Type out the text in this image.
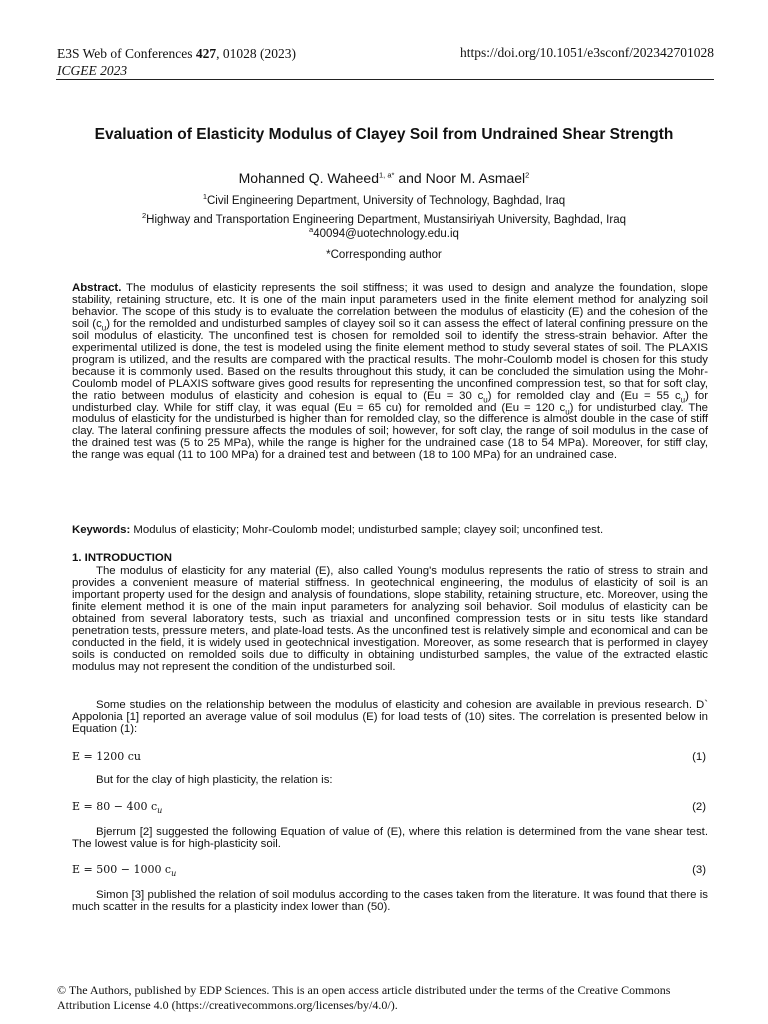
E3S Web of Conferences 427, 01028 (2023)
ICGEE 2023
https://doi.org/10.1051/e3sconf/202342701028
Evaluation of Elasticity Modulus of Clayey Soil from Undrained Shear Strength
Mohanned Q. Waheed$^{1, a*}$ and Noor M. Asmael$^2$
$^1$Civil Engineering Department, University of Technology, Baghdad, Iraq
$^2$Highway and Transportation Engineering Department, Mustansiriyah University, Baghdad, Iraq
$^a$40094@uotechnology.edu.iq
*Corresponding author

Abstract. The modulus of elasticity represents the soil stiffness; it was used to design and analyze the foundation, slope stability, retaining structure, etc. It is one of the main input parameters used in the finite element method for analyzing soil behavior. The scope of this study is to evaluate the correlation between the modulus of elasticity (E) and the cohesion of the soil $(c_u)$ for the remolded and undisturbed samples of clayey soil so it can assess the effect of lateral confining pressure on the soil modulus of elasticity. The unconfined test is chosen for remolded soil to identify the stress-strain behavior. After the experimental utilized is done, the test is modeled using the finite element method to study several states of soil. The PLAXIS program is utilized, and the results are compared with the practical results. The mohr-Coulomb model is chosen for this study because it is commonly used. Based on the results throughout this study, it can be concluded the simulation using the Mohr-Coulomb model of PLAXIS software gives good results for representing the unconfined compression test, so that for soft clay, the ratio between modulus of elasticity and cohesion is equal to (Eu = 30 $c_u$) for remolded clay and (Eu = 55 $c_u$) for undisturbed clay. While for stiff clay, it was equal (Eu = 65 cu) for remolded and (Eu = 120 $c_u$) for undisturbed clay. The modulus of elasticity for the undisturbed is higher than for remolded clay, so the difference is almost double in the case of stiff clay. The lateral confining pressure affects the modules of soil; however, for soft clay, the range of soil modulus in the case of the drained test was (5 to 25 MPa), while the range is higher for the undrained case (18 to 54 MPa). Moreover, for stiff clay, the range was equal (11 to 100 MPa) for a drained test and between (18 to 100 MPa) for an undrained case.

Keywords: Modulus of elasticity; Mohr-Coulomb model; undisturbed sample; clayey soil; unconfined test.

1. INTRODUCTION

The modulus of elasticity for any material (E), also called Young's modulus represents the ratio of stress to strain and provides a convenient measure of material stiffness. In geotechnical engineering, the modulus of elasticity of soil is an important property used for the design and analysis of foundations, slope stability, retaining structure, etc. Moreover, using the finite element method it is one of the main input parameters for analyzing soil behavior. Soil modulus of elasticity can be obtained from several laboratory tests, such as triaxial and unconfined compression tests or in situ tests like standard penetration tests, pressure meters, and plate-load tests. As the unconfined test is relatively simple and economical and can be conducted in the field, it is widely used in geotechnical investigation. Moreover, as some research that is performed in clayey soils is conducted on remolded soils due to difficulty in obtaining undisturbed samples, the value of the extracted elastic modulus may not represent the condition of the undisturbed soil.

Some studies on the relationship between the modulus of elasticity and cohesion are available in previous research. D` Appolonia [1] reported an average value of soil modulus (E) for load tests of (10) sites. The correlation is presented below in Equation (1):

E = 1200 cu	(1)

But for the clay of high plasticity, the relation is:

E = 80 − 400 $c_u$	(2)

Bjerrum [2] suggested the following Equation of value of (E), where this relation is determined from the vane shear test. The lowest value is for high-plasticity soil.

E = 500 − 1000 $c_u$	(3)

Simon [3] published the relation of soil modulus according to the cases taken from the literature. It was found that there is much scatter in the results for a plasticity index lower than (50).

© The Authors, published by EDP Sciences. This is an open access article distributed under the terms of the Creative Commons Attribution License 4.0 (https://creativecommons.org/licenses/by/4.0/).
